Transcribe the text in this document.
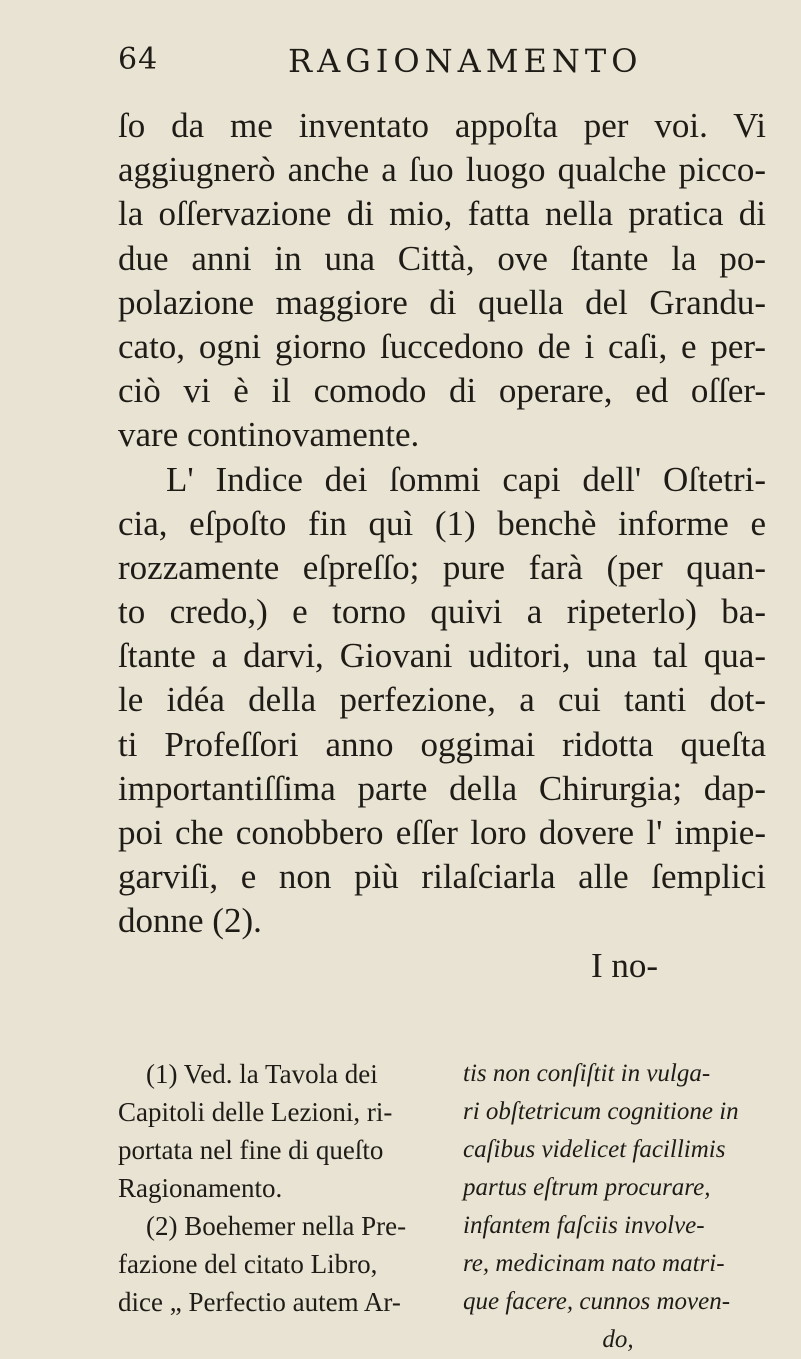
64	RAGIONAMENTO
ſo da me inventato appoſta per voi. Vi
aggiugnerò anche a ſuo luogo qualche picco-
la oſſervazione di mio, fatta nella pratica di
due anni in una Città, ove ſtante la po-
polazione maggiore di quella del Grandu-
cato, ogni giorno ſuccedono de i caſi, e per-
ciò vi è il comodo di operare, ed oſſer-
vare continovamente.
L' Indice dei ſommi capi dell' Oſtetri-
cia, eſpoſto fin quì (1) benchè informe e
rozzamente eſpreſſo; pure farà (per quan-
to credo,) e torno quivi a ripeterlo) ba-
ſtante a darvi, Giovani uditori, una tal qua-
le idéa della perfezione, a cui tanti dot-
ti Profeſſori anno oggimai ridotta queſta
importantiſſima parte della Chirurgia; dap-
poi che conobbero eſſer loro dovere l' impie-
garviſi, e non più rilaſciarla alle ſemplici
donne (2).
I no-
(1) Ved. la Tavola dei
Capitoli delle Lezioni, ri-
portata nel fine di queſto
Ragionamento.
(2) Boehemer nella Pre-
fazione del citato Libro,
dice „ Perfectio autem Ar-
tis non conſiſtit in vulga-
ri obſtetricum cognitione in
caſibus videlicet facillimis
partus eſtrum procurare,
infantem faſciis involve-
re, medicinam nato matri-
que facere, cunnos moven-
do,
